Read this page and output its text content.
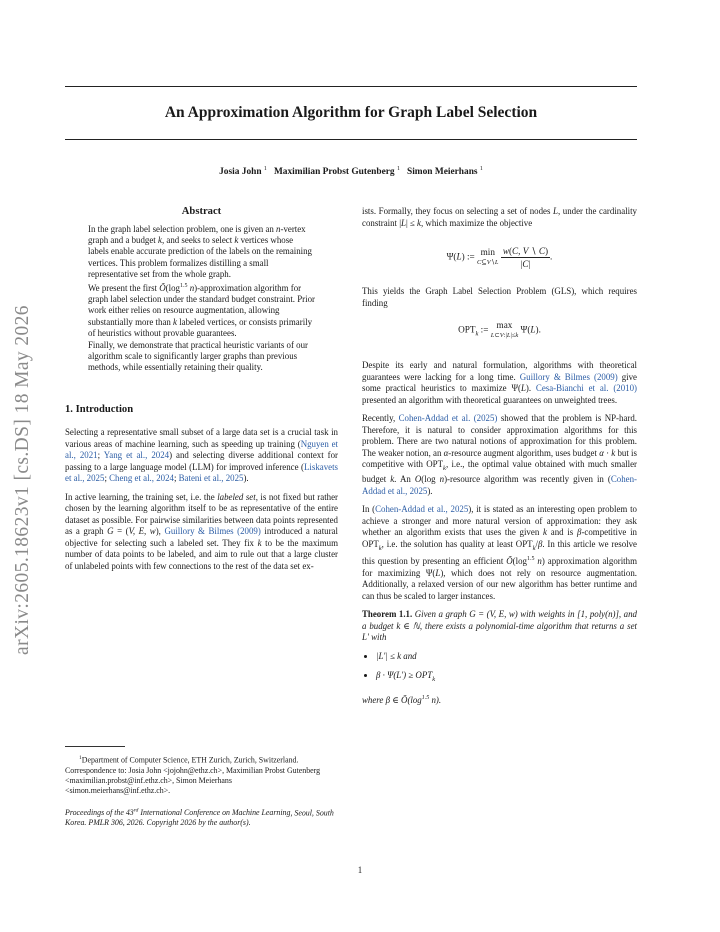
An Approximation Algorithm for Graph Label Selection
Josia John $^1$ Maximilian Probst Gutenberg $^1$ Simon Meierhans $^1$
arXiv:2605.18623v1 [cs.DS] 18 May 2026
Abstract

In the graph label selection problem, one is given an n-vertex graph and a budget k, and seeks to select k vertices whose labels enable accurate prediction of the labels on the remaining vertices. This problem formalizes distilling a small representative set from the whole graph.

We present the first $Õ(\log^{1.5}$ n)-approximation algorithm for graph label selection under the standard budget constraint. Prior work either relies on resource augmentation, allowing substantially more than k labeled vertices, or consists primarily of heuristics without provable guarantees.

Finally, we demonstrate that practical heuristic variants of our algorithm scale to significantly larger graphs than previous methods, while essentially retaining their quality.

1. Introduction

Selecting a representative small subset of a large data set is a crucial task in various areas of machine learning, such as speeding up training (Nguyen et al., 2021; Yang et al., 2024) and selecting diverse additional context for passing to a large language model (LLM) for improved inference (Liskavets et al., 2025; Cheng et al., 2024; Bateni et al., 2025).

In active learning, the training set, i.e. the labeled set, is not fixed but rather chosen by the learning algorithm itself to be as representative of the entire dataset as possible. For pairwise similarities between data points represented as a graph G = (V, E, w), Guillory & Bilmes (2009) introduced a natural objective for selecting such a labeled set. They fix k to be the maximum number of data points to be labeled, and aim to rule out that a large cluster of unlabeled points with few connections to the rest of the data set ex-

$^1$Department of Computer Science, ETH Zurich, Zurich, Switzerland. Correspondence to: Josia John <jojohn@ethz.ch>, Maximilian Probst Gutenberg <maximilian.probst@inf.ethz.ch>, Simon Meierhans <simon.meierhans@inf.ethz.ch>.

Proceedings of the 43rd International Conference on Machine Learning, Seoul, South Korea. PMLR 306, 2026. Copyright 2026 by the author(s).

ists. Formally, they focus on selecting a set of nodes L, under the cardinality constraint |L| ≤ k, which maximize the objective

Ψ(L) := min
C⊆V∖L $\frac{w(C, V ∖ C)}{|C|}$.

This yields the Graph Label Selection Problem (GLS), which requires finding

$OPT_k$ := max
L⊂V:|L|≤k Ψ(L).

Despite its early and natural formulation, algorithms with theoretical guarantees were lacking for a long time. Guillory & Bilmes (2009) give some practical heuristics to maximize Ψ(L). Cesa-Bianchi et al. (2010) presented an algorithm with theoretical guarantees on unweighted trees.

Recently, Cohen-Addad et al. (2025) showed that the problem is NP-hard. Therefore, it is natural to consider approximation algorithms for this problem. There are two natural notions of approximation for this problem. The weaker notion, an α-resource augment algorithm, uses budget α · k but is competitive with $OPT_k$, i.e., the optimal value obtained with much smaller budget k. An O(log n)-resource algorithm was recently given in (Cohen-Addad et al., 2025).

In (Cohen-Addad et al., 2025), it is stated as an interesting open problem to achieve a stronger and more natural version of approximation: they ask whether an algorithm exists that uses the given k and is β-competitive in $OPT_k$, i.e. the solution has quality at least $OPT_k/\beta$. In this article we resolve this question by presenting an efficient $Õ(\log^{1.5}$ n) approximation algorithm for maximizing Ψ(L), which does not rely on resource augmentation. Additionally, a relaxed version of our new algorithm has better runtime and can thus be scaled to larger instances.

Theorem 1.1. Given a graph G = (V, E, w) with weights in [1, poly(n)], and a budget k ∈ ℕ, there exists a polynomial-time algorithm that returns a set L′ with

• |L′| ≤ k and
• $\beta \cdot \Psi(L') \ge OPT_k$

where β ∈ $Õ(\log^{1.5}$ n).

1
